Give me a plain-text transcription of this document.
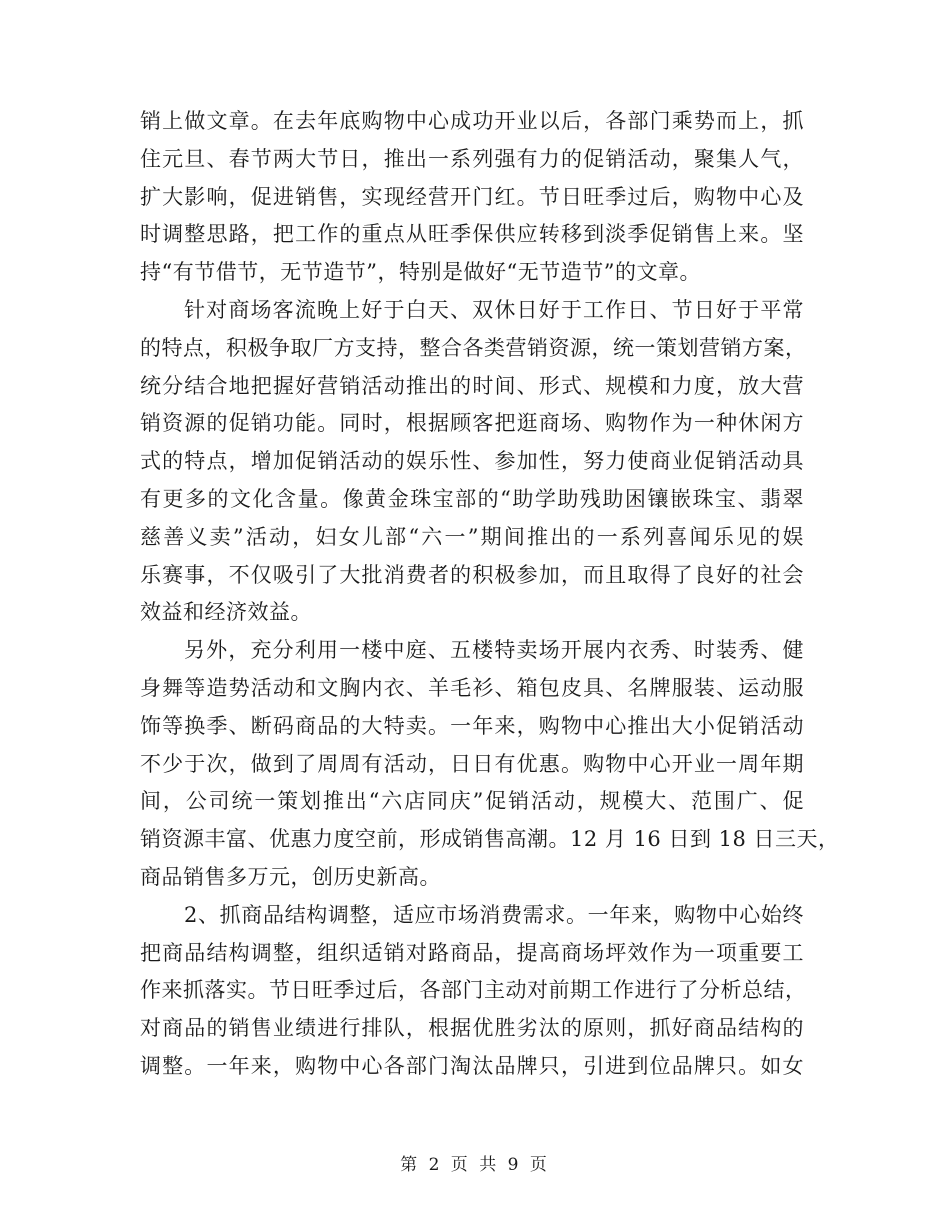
销上做文章。在去年底购物中心成功开业以后，各部门乘势而上，抓
住元旦、春节两大节日，推出一系列强有力的促销活动，聚集人气，
扩大影响，促进销售，实现经营开门红。节日旺季过后，购物中心及
时调整思路，把工作的重点从旺季保供应转移到淡季促销售上来。坚
持“有节借节，无节造节”，特别是做好“无节造节”的文章。
针对商场客流晚上好于白天、双休日好于工作日、节日好于平常
的特点，积极争取厂方支持，整合各类营销资源，统一策划营销方案，
统分结合地把握好营销活动推出的时间、形式、规模和力度，放大营
销资源的促销功能。同时，根据顾客把逛商场、购物作为一种休闲方
式的特点，增加促销活动的娱乐性、参加性，努力使商业促销活动具
有更多的文化含量。像黄金珠宝部的“助学助残助困镶嵌珠宝、翡翠
慈善义卖”活动，妇女儿部“六一”期间推出的一系列喜闻乐见的娱
乐赛事，不仅吸引了大批消费者的积极参加，而且取得了良好的社会
效益和经济效益。
另外，充分利用一楼中庭、五楼特卖场开展内衣秀、时装秀、健
身舞等造势活动和文胸内衣、羊毛衫、箱包皮具、名牌服装、运动服
饰等换季、断码商品的大特卖。一年来，购物中心推出大小促销活动
不少于次，做到了周周有活动，日日有优惠。购物中心开业一周年期
间，公司统一策划推出“六店同庆”促销活动，规模大、范围广、促
销资源丰富、优惠力度空前，形成销售高潮。12 月 16 日到 18 日三天，
商品销售多万元，创历史新高。
2、抓商品结构调整，适应市场消费需求。一年来，购物中心始终
把商品结构调整，组织适销对路商品，提高商场坪效作为一项重要工
作来抓落实。节日旺季过后，各部门主动对前期工作进行了分析总结，
对商品的销售业绩进行排队，根据优胜劣汰的原则，抓好商品结构的
调整。一年来，购物中心各部门淘汰品牌只，引进到位品牌只。如女
第 2 页 共 9 页
